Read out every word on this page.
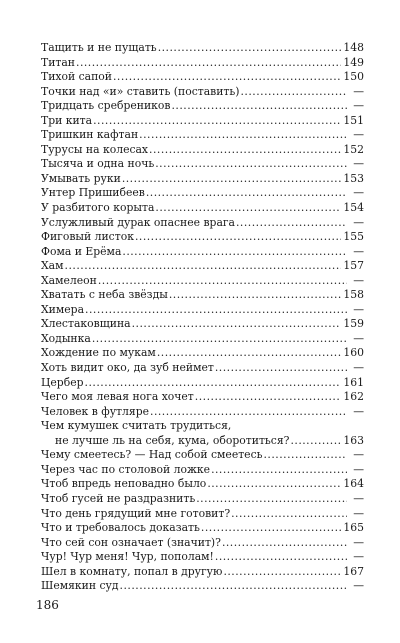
Тащить и не пущать .....	148
Титан .....	149
Тихой сапой .....	150
Точки над «и» ставить (поставить) .....	—
Тридцать сребреников .....	—
Три кита .....	151
Тришкин кафтан .....	—
Турусы на колесах .....	152
Тысяча и одна ночь .....	—
Умывать руки .....	153
Унтер Пришибеев .....	—
У разбитого корыта .....	154
Услужливый дурак опаснее врага .....	—
Фиговый листок .....	155
Фома и Ерёма .....	—
Хам .....	157
Хамелеон .....	—
Хватать с неба звёзды .....	158
Химера .....	—
Хлестаковщина .....	159
Ходынка .....	—
Хождение по мукам .....	160
Хоть видит око, да зуб неймет .....	—
Цербер .....	161
Чего моя левая нога хочет .....	162
Человек в футляре .....	—
Чем кумушек считать трудиться,
не лучше ль на себя, кума, оборотиться? .....	163
Чему смеетесь? — Над собой смеетесь .....	—
Через час по столовой ложке .....	—
Чтоб впредь неповадно было .....	164
Чтоб гусей не раздразнить .....	—
Что день грядущий мне готовит? .....	—
Что и требовалось доказать .....	165
Что сей сон означает (значит)? .....	—
Чур! Чур меня! Чур, пополам! .....	—
Шел в комнату, попал в другую .....	167
Шемякин суд .....	—
186
